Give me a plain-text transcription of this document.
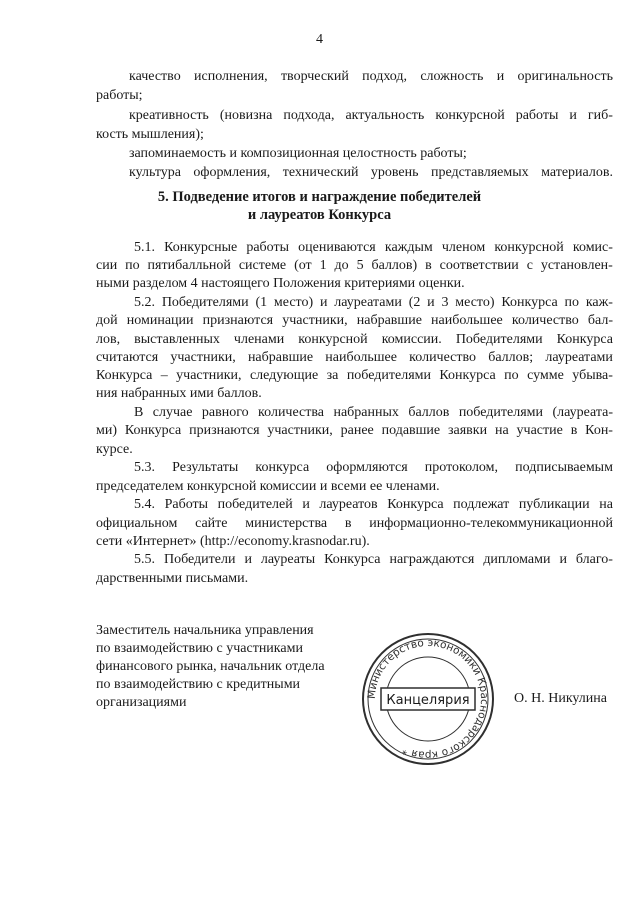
4
качество исполнения, творческий подход, сложность и оригинальность
работы;
креативность (новизна подхода, актуальность конкурсной работы и гиб-
кость мышления);
запоминаемость и композиционная целостность работы;
культура оформления, технический уровень представляемых материалов.
5. Подведение итогов и награждение победителей
и лауреатов Конкурса
5.1. Конкурсные работы оцениваются каждым членом конкурсной комис-
сии по пятибалльной системе (от 1 до 5 баллов) в соответствии с установлен-
ными разделом 4 настоящего Положения критериями оценки.
5.2. Победителями (1 место) и лауреатами (2 и 3 место) Конкурса по каж-
дой номинации признаются участники, набравшие наибольшее количество бал-
лов, выставленных членами конкурсной комиссии. Победителями Конкурса
считаются участники, набравшие наибольшее количество баллов; лауреатами
Конкурса – участники, следующие за победителями Конкурса по сумме убыва-
ния набранных ими баллов.
В случае равного количества набранных баллов победителями (лауреата-
ми) Конкурса признаются участники, ранее подавшие заявки на участие в Кон-
курсе.
5.3. Результаты конкурса оформляются протоколом, подписываемым
председателем конкурсной комиссии и всеми ее членами.
5.4. Работы победителей и лауреатов Конкурса подлежат публикации на
официальном сайте министерства в информационно-телекоммуникационной
сети «Интернет» (http://economy.krasnodar.ru).
5.5. Победители и лауреаты Конкурса награждаются дипломами и благо-
дарственными письмами.
Заместитель начальника управления
по взаимодействию с участниками
финансового рынка, начальник отдела
по взаимодействию с кредитными
организациями
Министерство экономики Краснодарского края *
Канцелярия	О. Н. Никулина
